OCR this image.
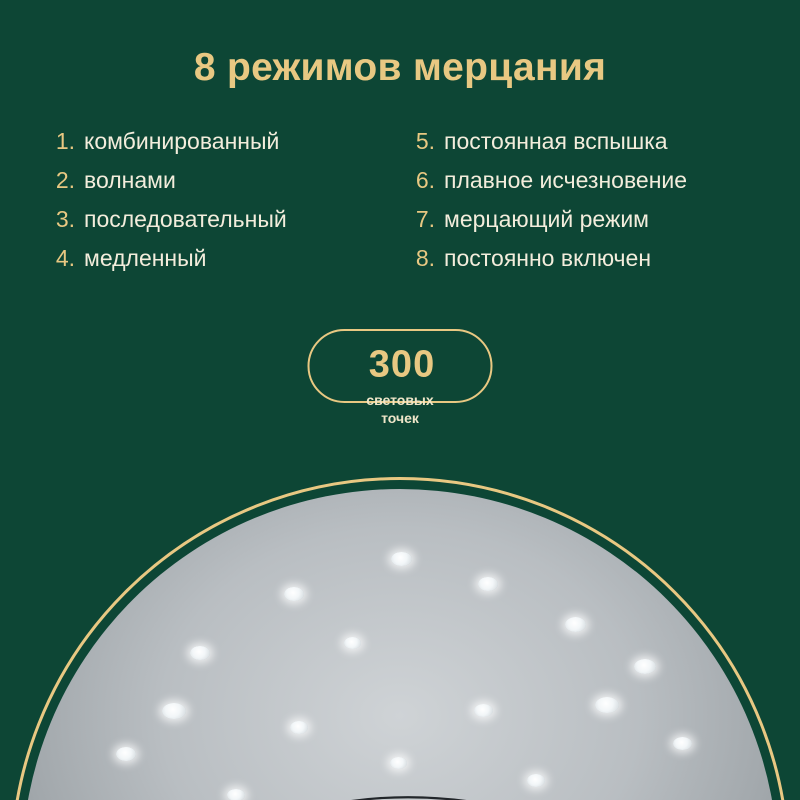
8 режимов мерцания
1. комбинированный
2. волнами
3. последовательный
4. медленный
5. постоянная вспышка
6. плавное исчезновение
7. мерцающий режим
8. постоянно включен
300
световых
точек
